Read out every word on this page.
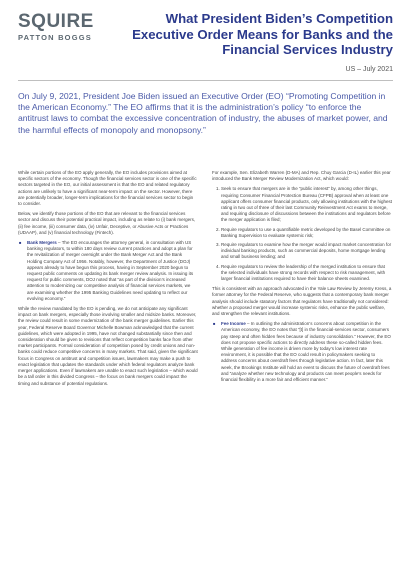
SQUIRE
PATTON BOGGS
What President Biden’s Competition Executive Order Means for Banks and the Financial Services Industry
US – July 2021
On July 9, 2021, President Joe Biden issued an Executive Order (EO) “Promoting Competition in the American Economy.” The EO affirms that it is the administration’s policy “to enforce the antitrust laws to combat the excessive concentration of industry, the abuses of market power, and the harmful effects of monopoly and monopsony.”

While certain portions of the EO apply generally, the EO includes provisions aimed at specific sectors of the economy. Though the financial services sector is one of the specific sectors targeted in the EO, our initial assessment is that the EO and related regulatory actions are unlikely to have a significant near-term impact on the sector. However, there are potentially broader, longer-term implications for the financial services sector to begin to consider.

Below, we identify those portions of the EO that are relevant to the financial services sector and discuss their potential practical impact, including as relate to (i) bank mergers, (ii) fee income, (iii) consumer data, (iv) Unfair, Deceptive, or Abusive Acts or Practices (UDAAP), and (v) financial technology (Fintech).

■ Bank Mergers – The EO encourages the attorney general, in consultation with US banking regulators, to within 180 days review current practices and adopt a plan for the revitalization of merger oversight under the Bank Merger Act and the Bank Holding Company Act of 1956. Notably, however, the Department of Justice (DOJ) appears already to have begun this process, having in September 2020 begun to request public comments on updating its bank merger review analysis. In issuing its request for public comments, DOJ noted that “as part of the division’s increased attention to modernizing our competitive analysis of financial services markets, we are examining whether the 1995 Banking Guidelines need updating to reflect our evolving economy.”

While the review mandated by the EO is pending, we do not anticipate any significant impact on bank mergers, especially those involving smaller and midsize banks. Moreover, the review could result in some modernization of the bank merger guidelines. Earlier this year, Federal Reserve Board Governor Michelle Bowman acknowledged that the current guidelines, which were adopted in 1995, have not changed substantially since then and consideration should be given to revisions that reflect competition banks face from other market participants. Formal consideration of competition posed by credit unions and non-banks could reduce competitive concerns in many markets. That said, given the significant focus in Congress on antitrust and competition issues, lawmakers may make a push to enact legislation that updates the standards under which federal regulators analyze bank merger applications. Even if lawmakers are unable to enact such legislation – which would be a tall order in this divided Congress – the focus on bank mergers could impact the timing and substance of potential regulations.

For example, Sen. Elizabeth Warren (D-MA) and Rep. Chuy Garcia (D-IL) earlier this year introduced the Bank Merger Review Modernization Act, which would:

1. Seek to ensure that mergers are in the “public interest” by, among other things, requiring Consumer Financial Protection Bureau (CFPB) approval when at least one applicant offers consumer financial products, only allowing institutions with the highest rating in two out of three of their last Community Reinvestment Act exams to merge, and requiring disclosure of discussions between the institutions and regulators before the merger application is filed;
2. Require regulators to use a quantifiable metric developed by the Basel Committee on Banking Supervision to evaluate systemic risk;
3. Require regulators to examine how the merger would impact market concentration for individual banking products, such as commercial deposits, home mortgage lending and small business lending; and
4. Require regulators to review the leadership of the merged institution to ensure that the selected individuals have strong records with respect to risk management, with larger financial institutions required to have their balance sheets examined.

This is consistent with an approach advocated in the Yale Law Review by Jeremy Kress, a former attorney for the Federal Reserve, who suggests that a contemporary bank merger analysis should include statutory factors that regulators have traditionally not considered: whether a proposed merger would increase systemic risks, enhance the public welfare, and strengthen the relevant institutions.

■ Fee Income – In outlining the administration’s concerns about competition in the American economy, the EO notes that “[t] in the financial-services sector, consumers pay steep and often hidden fees because of industry consolidation.” However, the EO does not propose specific actions to directly address these so-called hidden fees. While generation of fee income is driven more by today’s low interest rate environment, it is possible that the EO could result in policymakers seeking to address concerns about overdraft fees through legislative action. In fact, later this week, the Brookings Institute will hold an event to discuss the future of overdraft fees and “analyze whether new technology and products can meet people’s needs for financial flexibility in a more fair and efficient manner.”
